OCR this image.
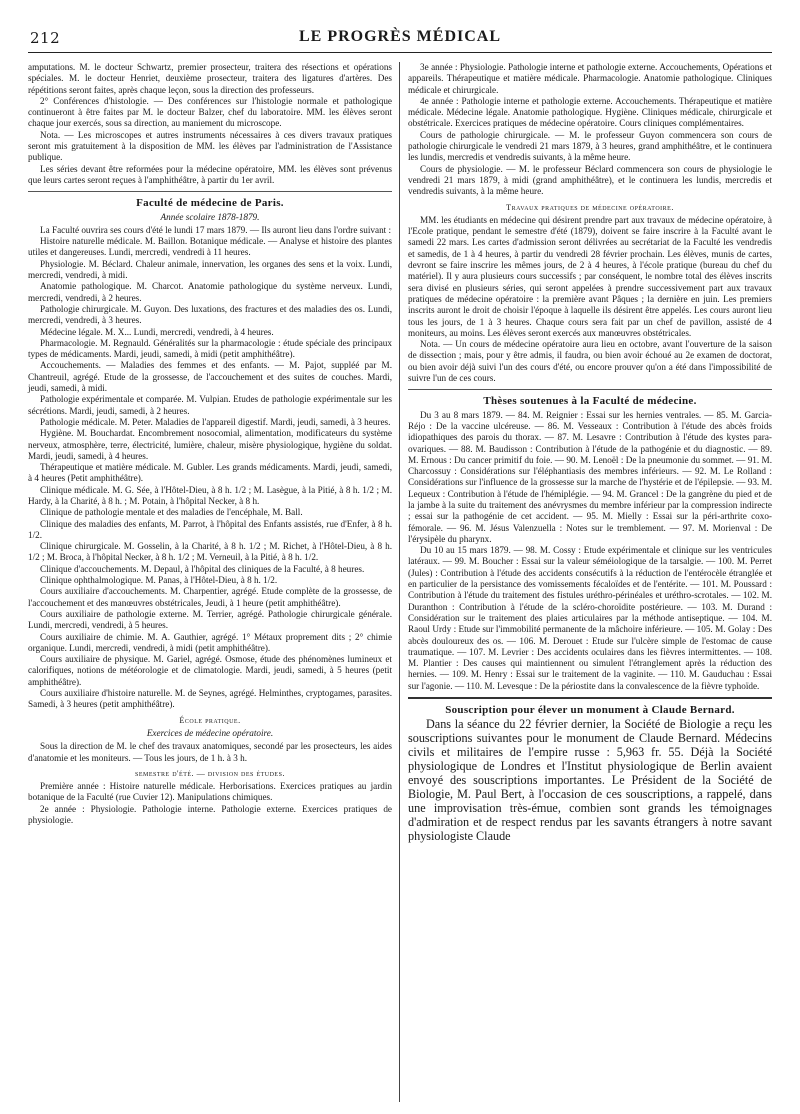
212	LE PROGRÈS MÉDICAL

amputations. M. le docteur Schwartz, premier prosecteur, traitera des résections et opérations spéciales. M. le docteur Henriet, deuxième prosecteur, traitera des ligatures d'artères. Des répétitions seront faites, après chaque leçon, sous la direction des professeurs.

2° Conférences d'histologie. — Des conférences sur l'histologie normale et pathologique continueront à être faites par M. le docteur Balzer, chef du laboratoire. MM. les élèves seront chaque jour exercés, sous sa direction, au maniement du microscope.

Nota. — Les microscopes et autres instruments nécessaires à ces divers travaux pratiques seront mis gratuitement à la disposition de MM. les élèves par l'administration de l'Assistance publique.

Les séries devant être reformées pour la médecine opératoire, MM. les élèves sont prévenus que leurs cartes seront reçues à l'amphithéâtre, à partir du 1er avril.

Faculté de médecine de Paris.

Année scolaire 1878-1879.

La Faculté ouvrira ses cours d'été le lundi 17 mars 1879. — Ils auront lieu dans l'ordre suivant :

Histoire naturelle médicale. M. Baillon. Botanique médicale. — Analyse et histoire des plantes utiles et dangereuses. Lundi, mercredi, vendredi à 11 heures.

Physiologie. M. Béclard. Chaleur animale, innervation, les organes des sens et la voix. Lundi, mercredi, vendredi, à midi.

Anatomie pathologique. M. Charcot. Anatomie pathologique du système nerveux. Lundi, mercredi, vendredi, à 2 heures.

Pathologie chirurgicale. M. Guyon. Des luxations, des fractures et des maladies des os. Lundi, mercredi, vendredi, à 3 heures.

Médecine légale. M. X... Lundi, mercredi, vendredi, à 4 heures.

Pharmacologie. M. Regnauld. Généralités sur la pharmacologie : étude spéciale des principaux types de médicaments. Mardi, jeudi, samedi, à midi (petit amphithéâtre).

Accouchements. — Maladies des femmes et des enfants. — M. Pajot, suppléé par M. Chantreuil, agrégé. Etude de la grossesse, de l'accouchement et des suites de couches. Mardi, jeudi, samedi, à midi.

Pathologie expérimentale et comparée. M. Vulpian. Etudes de pathologie expérimentale sur les sécrétions. Mardi, jeudi, samedi, à 2 heures.

Pathologie médicale. M. Peter. Maladies de l'appareil digestif. Mardi, jeudi, samedi, à 3 heures.

Hygiène. M. Bouchardat. Encombrement nosocomial, alimentation, modificateurs du système nerveux, atmosphère, terre, électricité, lumière, chaleur, misère physiologique, hygiène du soldat. Mardi, jeudi, samedi, à 4 heures.

Thérapeutique et matière médicale. M. Gubler. Les grands médicaments. Mardi, jeudi, samedi, à 4 heures (Petit amphithéâtre).

Clinique médicale. M. G. Sée, à l'Hôtel-Dieu, à 8 h. 1/2 ; M. Lasègue, à la Pitié, à 8 h. 1/2 ; M. Hardy, à la Charité, à 8 h. ; M. Potain, à l'hôpital Necker, à 8 h.

Clinique de pathologie mentale et des maladies de l'encéphale, M. Ball.

Clinique des maladies des enfants, M. Parrot, à l'hôpital des Enfants assistés, rue d'Enfer, à 8 h. 1/2.

Clinique chirurgicale. M. Gosselin, à la Charité, à 8 h. 1/2 ; M. Richet, à l'Hôtel-Dieu, à 8 h. 1/2 ; M. Broca, à l'hôpital Necker, à 8 h. 1/2 ; M. Verneuil, à la Pitié, à 8 h. 1/2.

Clinique d'accouchements. M. Depaul, à l'hôpital des cliniques de la Faculté, à 8 heures.

Clinique ophthalmologique. M. Panas, à l'Hôtel-Dieu, à 8 h. 1/2.

Cours auxiliaire d'accouchements. M. Charpentier, agrégé. Etude complète de la grossesse, de l'accouchement et des manœuvres obstétricales, Jeudi, à 1 heure (petit amphithéâtre).

Cours auxiliaire de pathologie externe. M. Terrier, agrégé. Pathologie chirurgicale générale. Lundi, mercredi, vendredi, à 5 heures.

Cours auxiliaire de chimie. M. A. Gauthier, agrégé. 1° Métaux proprement dits ; 2° chimie organique. Lundi, mercredi, vendredi, à midi (petit amphithéâtre).

Cours auxiliaire de physique. M. Gariel, agrégé. Osmose, étude des phénomènes lumineux et calorifiques, notions de météorologie et de climatologie. Mardi, jeudi, samedi, à 5 heures (petit amphithéâtre).

Cours auxiliaire d'histoire naturelle. M. de Seynes, agrégé. Helminthes, cryptogames, parasites. Samedi, à 3 heures (petit amphithéâtre).

École pratique.

Exercices de médecine opératoire.

Sous la direction de M. le chef des travaux anatomiques, secondé par les prosecteurs, les aides d'anatomie et les moniteurs. — Tous les jours, de 1 h. à 3 h.

semestre d'été. — division des études.

Première année : Histoire naturelle médicale. Herborisations. Exercices pratiques au jardin botanique de la Faculté (rue Cuvier 12). Manipulations chimiques.

2e année : Physiologie. Pathologie interne. Pathologie externe. Exercices pratiques de physiologie.

3e année : Physiologie. Pathologie interne et pathologie externe. Accouchements, Opérations et appareils. Thérapeutique et matière médicale. Pharmacologie. Anatomie pathologique. Cliniques médicale et chirurgicale.

4e année : Pathologie interne et pathologie externe. Accouchements. Thérapeutique et matière médicale. Médecine légale. Anatomie pathologique. Hygiène. Cliniques médicale, chirurgicale et obstétricale. Exercices pratiques de médecine opératoire. Cours cliniques complémentaires.

Cours de pathologie chirurgicale. — M. le professeur Guyon commencera son cours de pathologie chirurgicale le vendredi 21 mars 1879, à 3 heures, grand amphithéâtre, et le continuera les lundis, mercredis et vendredis suivants, à la même heure.

Cours de physiologie. — M. le professeur Béclard commencera son cours de physiologie le vendredi 21 mars 1879, à midi (grand amphithéâtre), et le continuera les lundis, mercredis et vendredis suivants, à la même heure.

Travaux pratiques de médecine opératoire.

MM. les étudiants en médecine qui désirent prendre part aux travaux de médecine opératoire, à l'Ecole pratique, pendant le semestre d'été (1879), doivent se faire inscrire à la Faculté avant le samedi 22 mars. Les cartes d'admission seront délivrées au secrétariat de la Faculté les vendredis et samedis, de 1 à 4 heures, à partir du vendredi 28 février prochain. Les élèves, munis de cartes, devront se faire inscrire les mêmes jours, de 2 à 4 heures, à l'école pratique (bureau du chef du matériel). Il y aura plusieurs cours successifs ; par conséquent, le nombre total des élèves inscrits sera divisé en plusieurs séries, qui seront appelées à prendre successivement part aux travaux pratiques de médecine opératoire : la première avant Pâques ; la dernière en juin. Les premiers inscrits auront le droit de choisir l'époque à laquelle ils désirent être appelés. Les cours auront lieu tous les jours, de 1 à 3 heures. Chaque cours sera fait par un chef de pavillon, assisté de 4 moniteurs, au moins. Les élèves seront exercés aux manœuvres obstétricales.

Nota. — Un cours de médecine opératoire aura lieu en octobre, avant l'ouverture de la saison de dissection ; mais, pour y être admis, il faudra, ou bien avoir échoué au 2e examen de doctorat, ou bien avoir déjà suivi l'un des cours d'été, ou encore prouver qu'on a été dans l'impossibilité de suivre l'un de ces cours.

Thèses soutenues à la Faculté de médecine.

Du 3 au 8 mars 1879. — 84. M. Reignier : Essai sur les hernies ventrales. — 85. M. Garcia-Réjo : De la vaccine ulcéreuse. — 86. M. Vesseaux : Contribution à l'étude des abcès froids idiopathiques des parois du thorax. — 87. M. Lesavre : Contribution à l'étude des kystes para-ovariques. — 88. M. Baudisson : Contribution à l'étude de la pathogénie et du diagnostic. — 89. M. Ernous : Du cancer primitif du foie. — 90. M. Lenoël : De la pneumonie du sommet. — 91. M. Charcossuy : Considérations sur l'éléphantiasis des membres inférieurs. — 92. M. Le Rolland : Considérations sur l'influence de la grossesse sur la marche de l'hystérie et de l'épilepsie. — 93. M. Lequeux : Contribution à l'étude de l'hémiplégie. — 94. M. Grancel : De la gangrène du pied et de la jambe à la suite du traitement des anévrysmes du membre inférieur par la compression indirecte ; essai sur la pathogénie de cet accident. — 95. M. Mielly : Essai sur la péri-arthrite coxo-fémorale. — 96. M. Jésus Valenzuella : Notes sur le tremblement. — 97. M. Morienval : De l'érysipèle du pharynx.

Du 10 au 15 mars 1879. — 98. M. Cossy : Etude expérimentale et clinique sur les ventricules latéraux. — 99. M. Boucher : Essai sur la valeur séméiologique de la tarsalgie. — 100. M. Perret (Jules) : Contribution à l'étude des accidents consécutifs à la réduction de l'entérocèle étranglée et en particulier de la persistance des vomissements fécaloïdes et de l'entérite. — 101. M. Poussard : Contribution à l'étude du traitement des fistules uréthro-périnéales et uréthro-scrotales. — 102. M. Duranthon : Contribution à l'étude de la scléro-choroïdite postérieure. — 103. M. Durand : Considération sur le traitement des plaies articulaires par la méthode antiseptique. — 104. M. Raoul Urdy : Etude sur l'immobilité permanente de la mâchoire inférieure. — 105. M. Golay : Des abcès douloureux des os. — 106. M. Derouet : Etude sur l'ulcère simple de l'estomac de cause traumatique. — 107. M. Levrier : Des accidents oculaires dans les fièvres intermittentes. — 108. M. Plantier : Des causes qui maintiennent ou simulent l'étranglement après la réduction des hernies. — 109. M. Henry : Essai sur le traitement de la vaginite. — 110. M. Gauduchau : Essai sur l'agonie. — 110. M. Levesque : De la périostite dans la convalescence de la fièvre typhoïde.

Souscription pour élever un monument à Claude Bernard.

Dans la séance du 22 février dernier, la Société de Biologie a reçu les souscriptions suivantes pour le monument de Claude Bernard. Médecins civils et militaires de l'empire russe : 5,963 fr. 55. Déjà la Société physiologique de Londres et l'Institut physiologique de Berlin avaient envoyé des souscriptions importantes. Le Président de la Société de Biologie, M. Paul Bert, à l'occasion de ces souscriptions, a rappelé, dans une improvisation très-émue, combien sont grands les témoignages d'admiration et de respect rendus par les savants étrangers à notre savant physiologiste Claude
